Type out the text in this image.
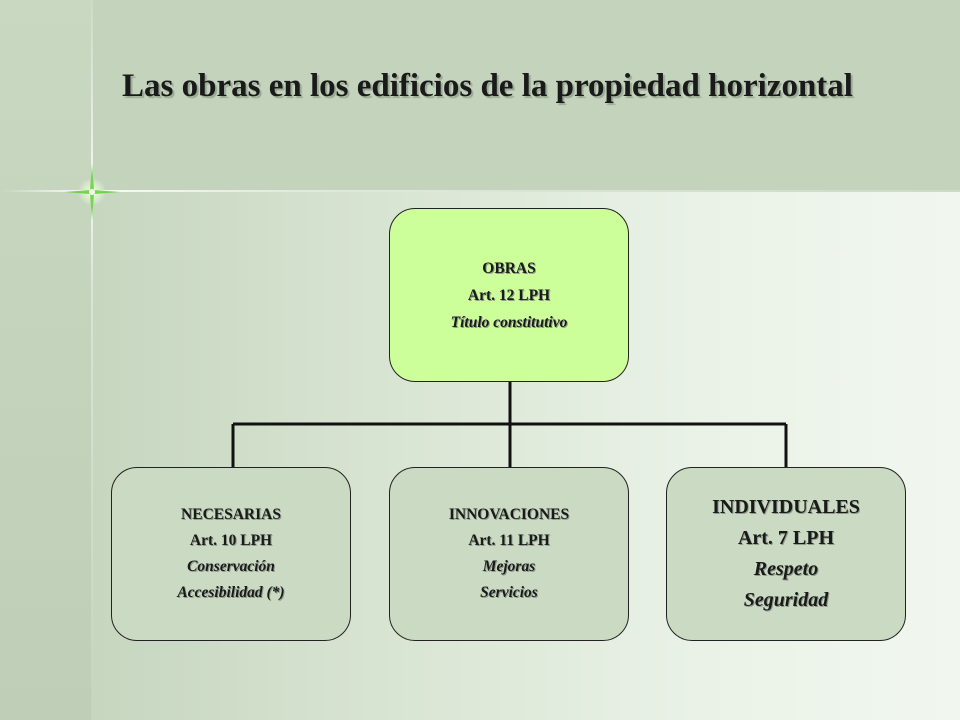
Las obras en los edificios de la propiedad horizontal
OBRAS
Art. 12 LPH
Título constitutivo
NECESARIAS
Art. 10 LPH
Conservación
Accesibilidad (*)
INNOVACIONES
Art. 11 LPH
Mejoras
Servicios
INDIVIDUALES
Art. 7 LPH
Respeto
Seguridad
